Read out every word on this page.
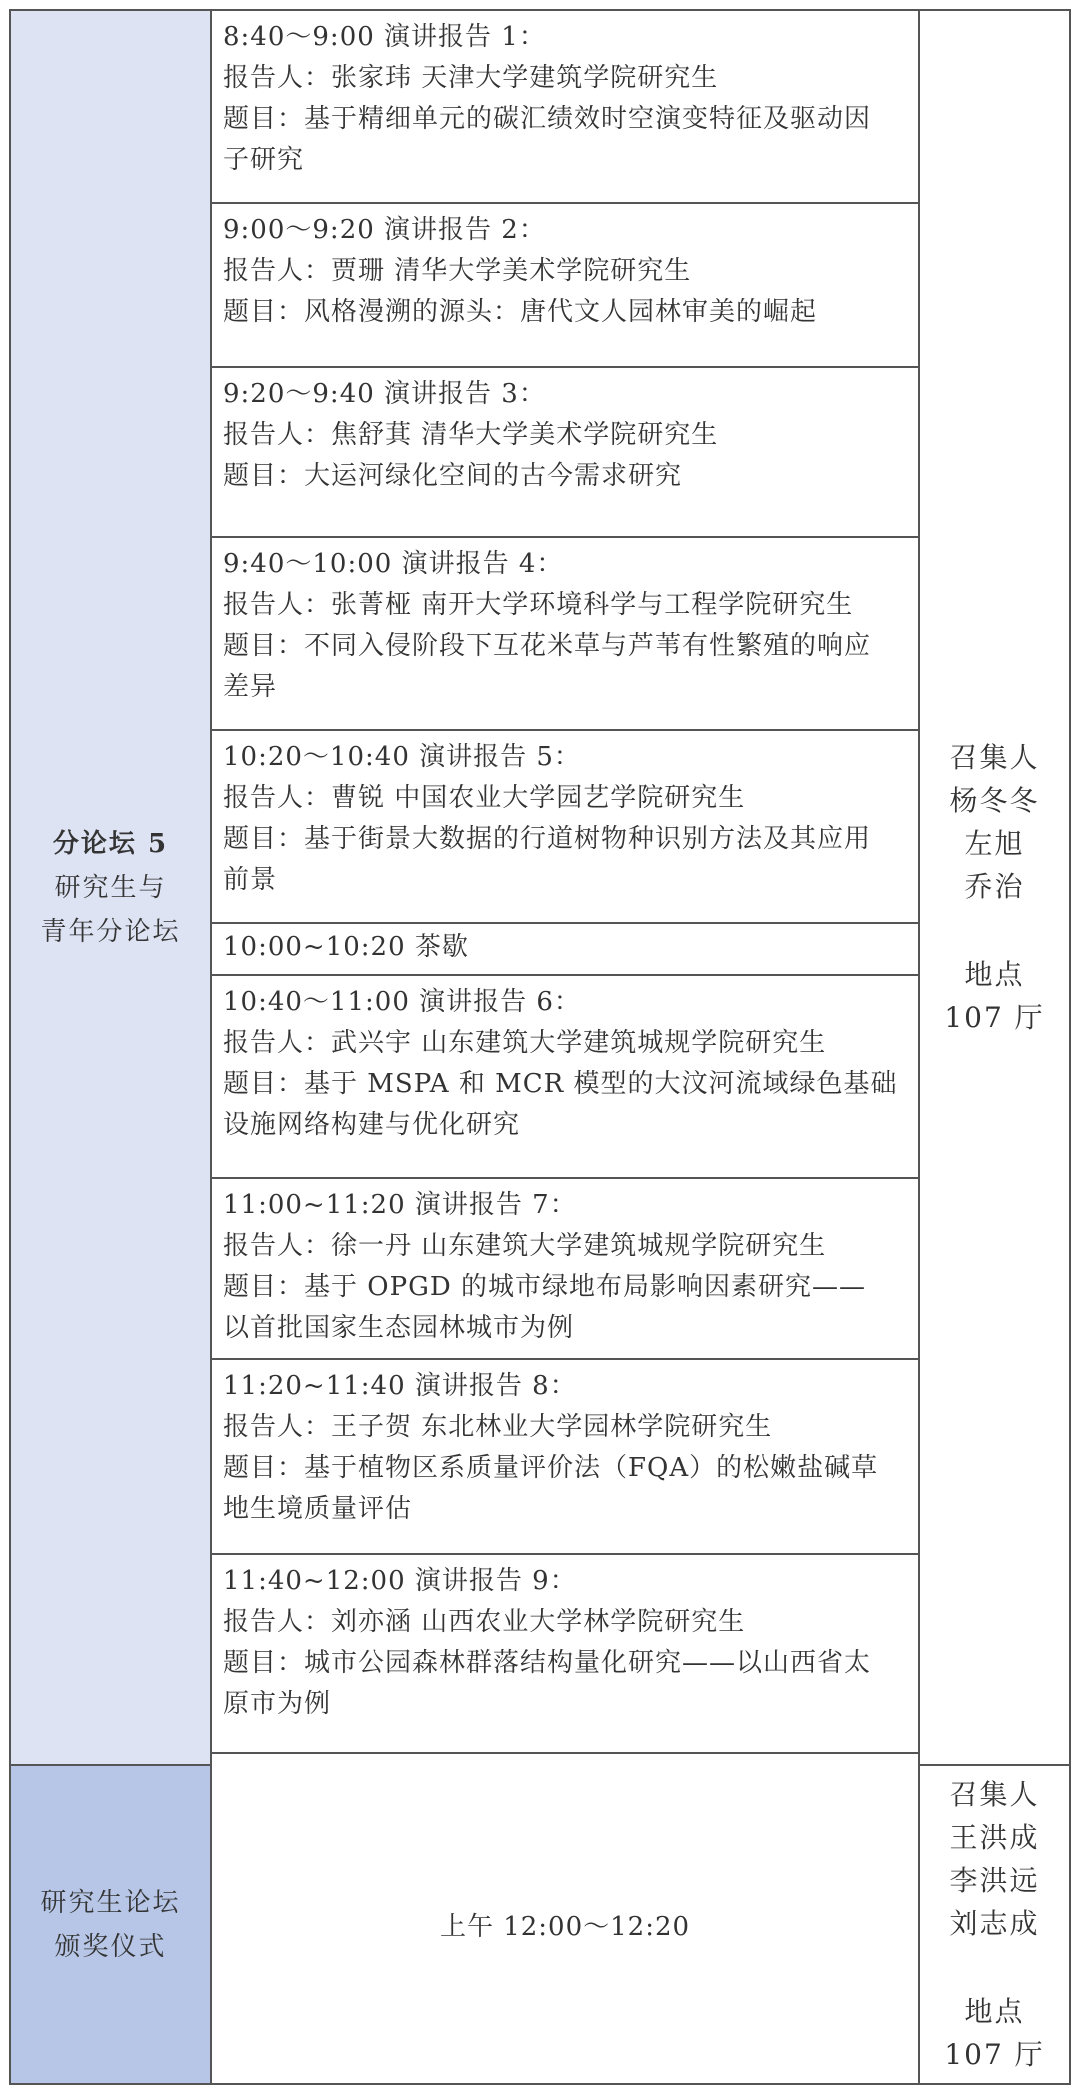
分论坛 5
研究生与
青年分论坛

8:40～9:00 演讲报告 1：

报告人：张家玮 天津大学建筑学院研究生

题目：基于精细单元的碳汇绩效时空演变特征及驱动因

子研究

9:00～9:20 演讲报告 2：

报告人：贾珊 清华大学美术学院研究生

题目：风格漫溯的源头：唐代文人园林审美的崛起

9:20～9:40 演讲报告 3：

报告人：焦舒萁 清华大学美术学院研究生

题目：大运河绿化空间的古今需求研究

9:40～10:00 演讲报告 4：

报告人：张菁桠 南开大学环境科学与工程学院研究生

题目：不同入侵阶段下互花米草与芦苇有性繁殖的响应

差异

10:20～10:40 演讲报告 5：

报告人：曹锐 中国农业大学园艺学院研究生

题目：基于街景大数据的行道树物种识别方法及其应用

前景

10:00~10:20 茶歇

10:40～11:00 演讲报告 6：

报告人：武兴宇 山东建筑大学建筑城规学院研究生

题目：基于 MSPA 和 MCR 模型的大汶河流域绿色基础

设施网络构建与优化研究

11:00~11:20 演讲报告 7：

报告人：徐一丹 山东建筑大学建筑城规学院研究生

题目：基于 OPGD 的城市绿地布局影响因素研究——

以首批国家生态园林城市为例

11:20~11:40 演讲报告 8：

报告人：王子贺 东北林业大学园林学院研究生

题目：基于植物区系质量评价法（FQA）的松嫩盐碱草

地生境质量评估

11:40~12:00 演讲报告 9：

报告人：刘亦涵 山西农业大学林学院研究生

题目：城市公园森林群落结构量化研究——以山西省太

原市为例

召集人
杨冬冬
左旭
乔治
地点
107 厅
研究生论坛
颁奖仪式
上午 12:00～12:20
召集人
王洪成
李洪远
刘志成
地点
107 厅
